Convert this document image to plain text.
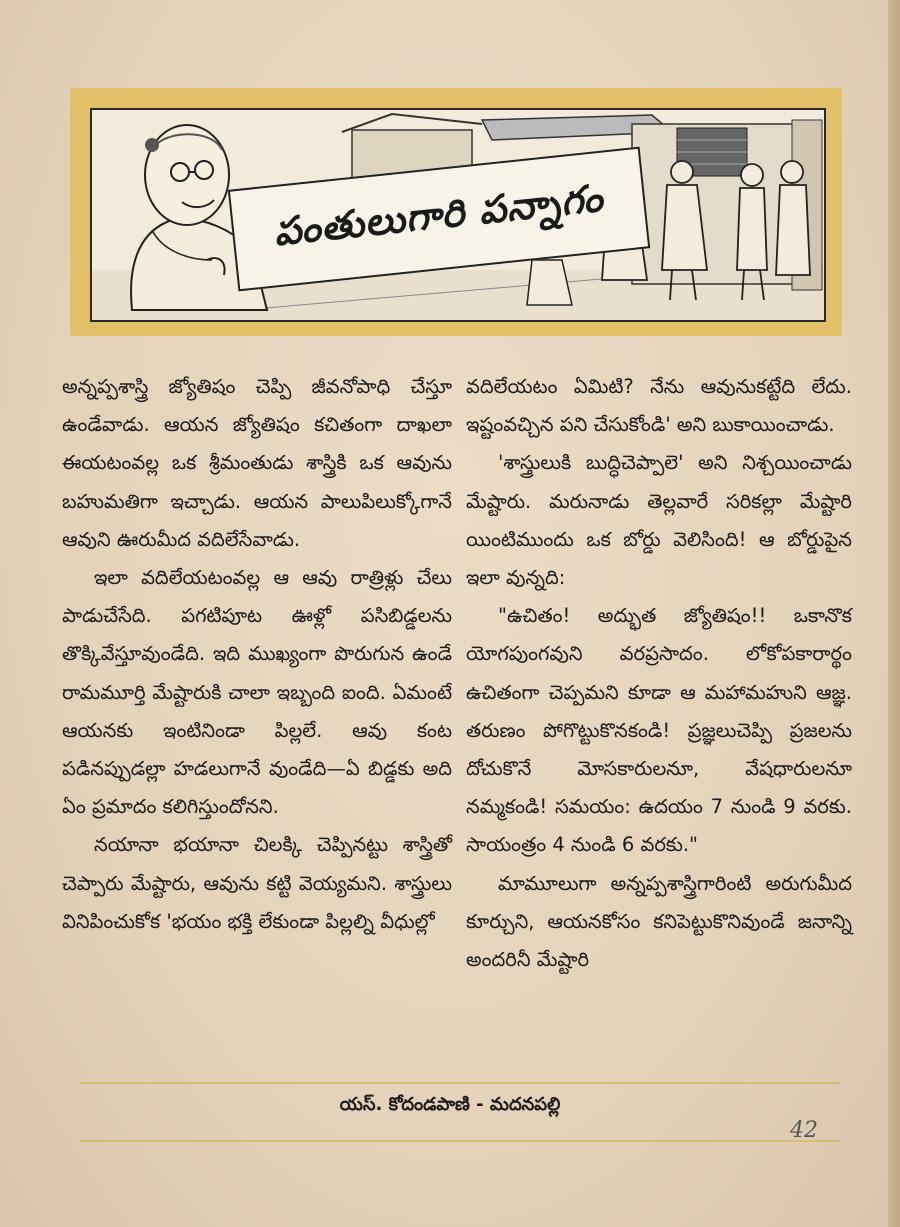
పంతులుగారి పన్నాగం

అన్నప్పశాస్త్రి జ్యోతిషం చెప్పి జీవనోపాధి చేస్తూ ఉండేవాడు. ఆయన జ్యోతిషం కచితంగా దాఖలా ఈయటంవల్ల ఒక శ్రీమంతుడు శాస్త్రికి ఒక ఆవును బహుమతిగా ఇచ్చాడు. ఆయన పాలుపిలుక్కోగానే ఆవుని ఊరుమీద వదిలేసేవాడు.

ఇలా వదిలేయటంవల్ల ఆ ఆవు రాత్రిళ్లు చేలు పాడుచేసేది. పగటిపూట ఊళ్లో పసిబిడ్డలను తొక్కివేస్తూవుండేది. ఇది ముఖ్యంగా పొరుగున ఉండే రామమూర్తి మేష్టారుకి చాలా ఇబ్బంది ఐంది. ఏమంటే ఆయనకు ఇంటినిండా పిల్లలే. ఆవు కంట పడినప్పుడల్లా హడలుగానే వుండేది—ఏ బిడ్డకు అది ఏం ప్రమాదం కలిగిస్తుందోనని.

నయానా భయానా చిలక్కి చెప్పినట్టు శాస్త్రితో చెప్పారు మేష్టారు, ఆవును కట్టి వెయ్యమని. శాస్త్రులు వినిపించుకోక 'భయం భక్తి లేకుండా పిల్లల్ని వీధుల్లో

వదిలేయటం ఏమిటి? నేను ఆవునుకట్టేది లేదు. ఇష్టంవచ్చిన పని చేసుకోండి' అని బుకాయించాడు.

'శాస్త్రులుకి బుద్ధిచెప్పాలె' అని నిశ్చయించాడు మేష్టారు. మరునాడు తెల్లవారే సరికల్లా మేష్టారి యింటిముందు ఒక బోర్డు వెలిసింది! ఆ బోర్డుపైన ఇలా వున్నది:

"ఉచితం! అద్భుత జ్యోతిషం!! ఒకానొక యోగపుంగవుని వరప్రసాదం. లోకోపకారార్థం ఉచితంగా చెప్పమని కూడా ఆ మహామహుని ఆజ్ఞ. తరుణం పోగొట్టుకొనకండి! ప్రజ్ఞలుచెప్పి ప్రజలను దోచుకొనే మోసకారులనూ, వేషధారులనూ నమ్మకండి! సమయం: ఉదయం 7 నుండి 9 వరకు. సాయంత్రం 4 నుండి 6 వరకు."

మామూలుగా అన్నప్పశాస్త్రిగారింటి అరుగుమీద కూర్చుని, ఆయనకోసం కనిపెట్టుకొనివుండే జనాన్ని అందరినీ మేష్టారి

యస్. కోదండపాణి - మదనపల్లి
42
